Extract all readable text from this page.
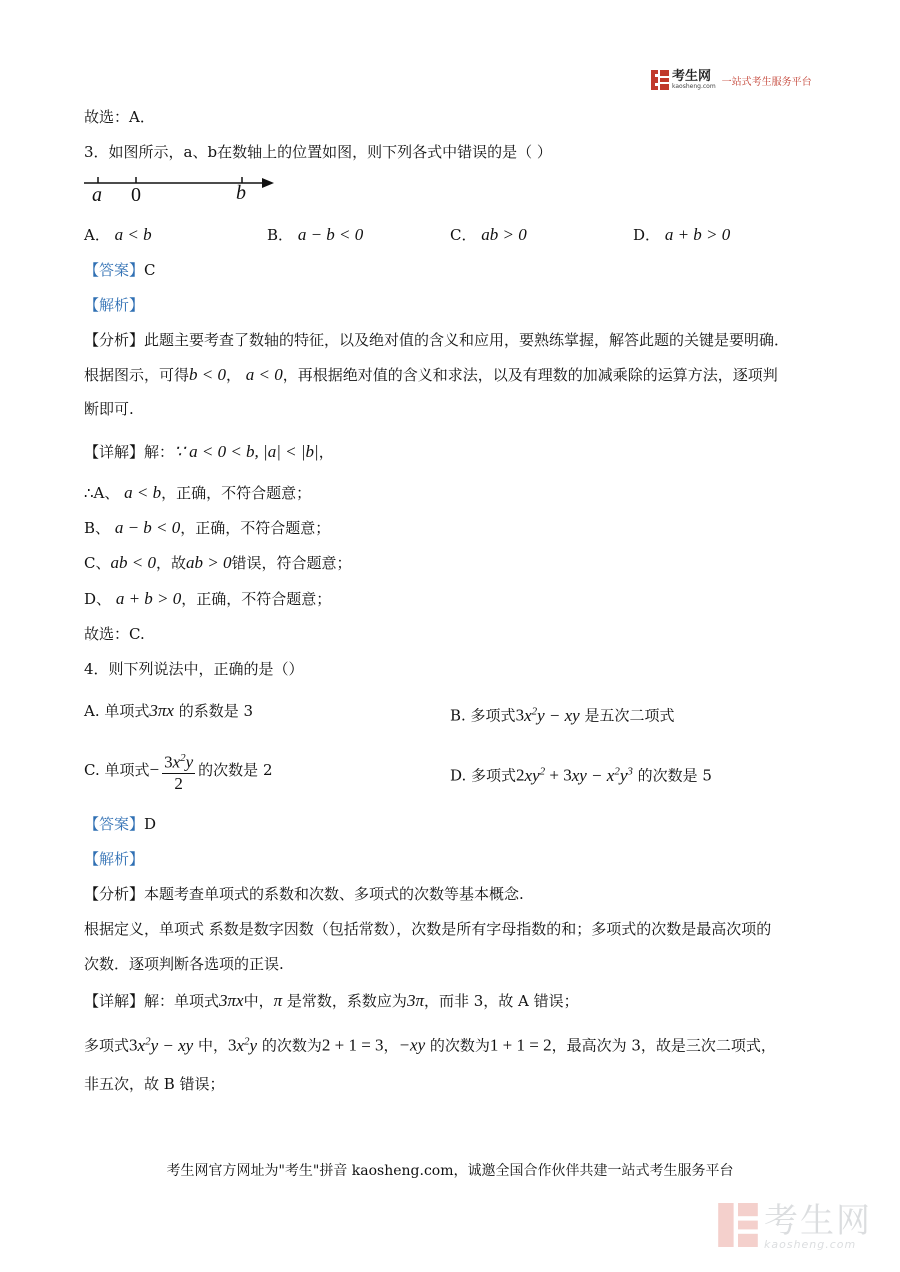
考生网
kaosheng.com 一站式考生服务平台
故选：A．
3．如图所示，a、b在数轴上的位置如图，则下列各式中错误的是（ ）
a 0	b
A． a < b	B． a − b < 0	C． ab > 0	D． a + b > 0
【答案】C
【解析】
【分析】此题主要考查了数轴的特征，以及绝对值的含义和应用，要熟练掌握，解答此题的关键是要明确．
根据图示，可得b < 0， a < 0，再根据绝对值的含义和求法，以及有理数的加减乘除的运算方法，逐项判
断即可.
【详解】解：∵ a < 0 < b, |a| < |b|，
∴A、 a < b，正确，不符合题意；
B、 a − b < 0，正确，不符合题意；
C、ab < 0，故ab > 0错误，符合题意；
D、 a + b > 0，正确，不符合题意；
故选：C.
4．则下列说法中，正确的是（）
A. 单项式3πx 的系数是 3	B. 多项式$3x^2y$ − xy 是五次二项式
C. 单项式− $\frac{3x^2y}{2}$ 的次数是 2	D. 多项式$2xy^2 + 3xy - x^2y^3$ 的次数是 5
【答案】D
【解析】
【分析】本题考查单项式的系数和次数、多项式的次数等基本概念.
根据定义，单项式 系数是数字因数（包括常数），次数是所有字母指数的和；多项式的次数是最高次项的
次数．逐项判断各选项的正误.
【详解】解：单项式3πx中，π 是常数，系数应为3π，而非 3，故 A 错误；
多项式$3x^2y$ − xy 中，$3x^2y$ 的次数为2 + 1 = 3，−xy 的次数为1 + 1 = 2，最高次为 3，故是三次二项式，
非五次，故 B 错误；
考生网官方网址为"考生"拼音 kaosheng.com，诚邀全国合作伙伴共建一站式考生服务平台
考生网
kaosheng.com
